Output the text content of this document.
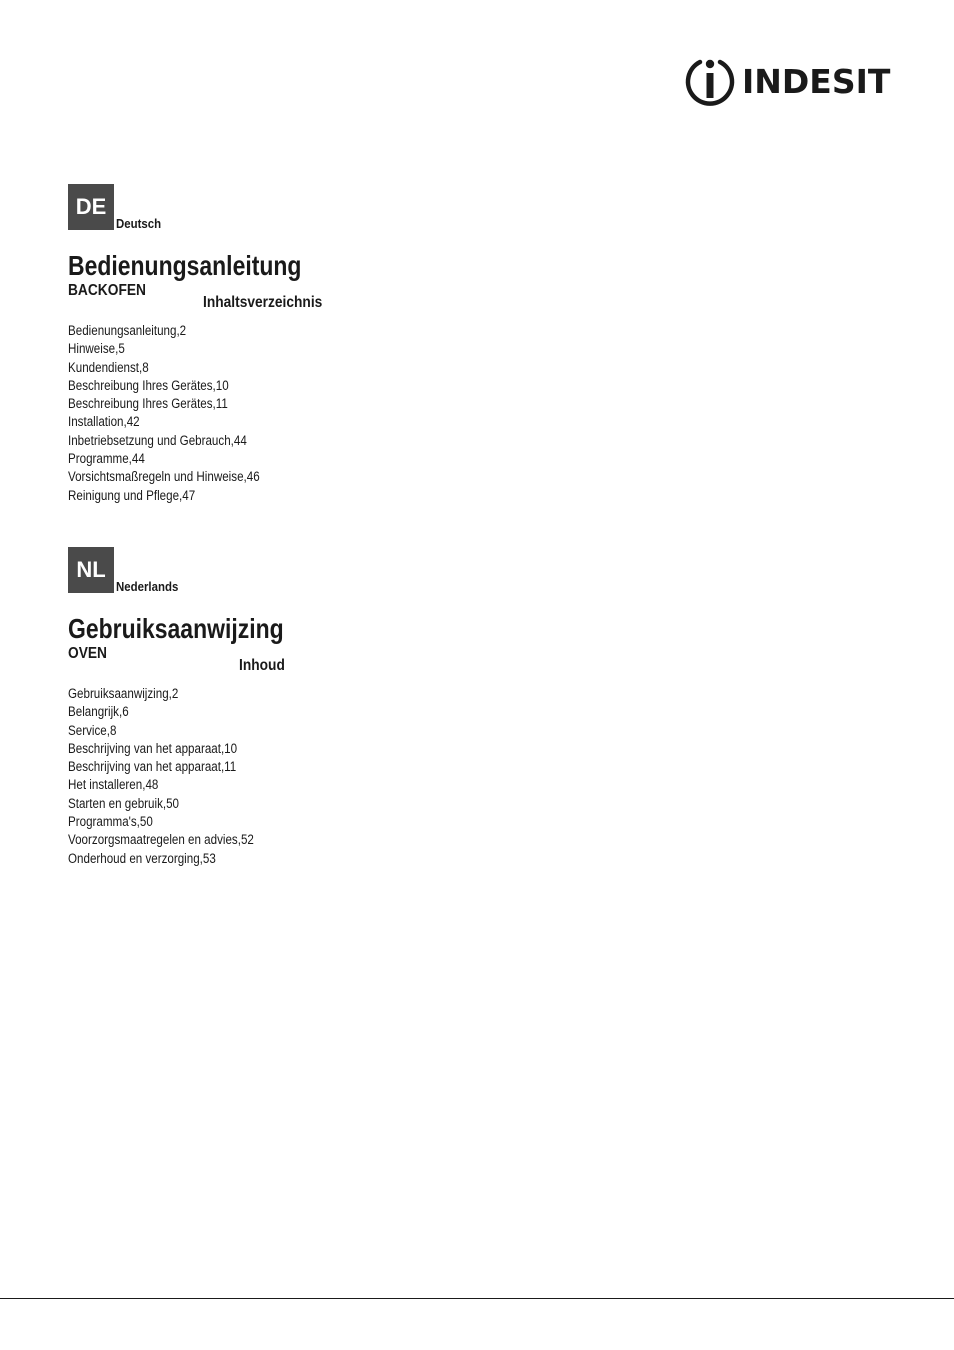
INDESIT
DE
Deutsch
Bedienungsanleitung
BACKOFEN
Inhaltsverzeichnis
Bedienungsanleitung,2
Hinweise,5
Kundendienst,8
Beschreibung Ihres Gerätes,10
Beschreibung Ihres Gerätes,11
Installation,42
Inbetriebsetzung und Gebrauch,44
Programme,44
Vorsichtsmaßregeln und Hinweise,46
Reinigung und Pflege,47
NL
Nederlands
Gebruiksaanwijzing
OVEN
Inhoud
Gebruiksaanwijzing,2
Belangrijk,6
Service,8
Beschrijving van het apparaat,10
Beschrijving van het apparaat,11
Het installeren,48
Starten en gebruik,50
Programma's,50
Voorzorgsmaatregelen en advies,52
Onderhoud en verzorging,53
